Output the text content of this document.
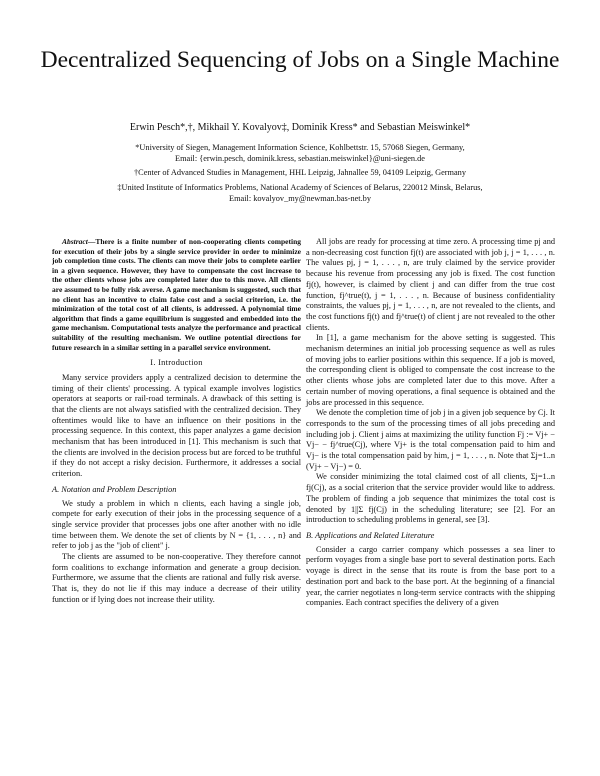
Decentralized Sequencing of Jobs on a Single Machine
Erwin Pesch*,†, Mikhail Y. Kovalyov‡, Dominik Kress* and Sebastian Meiswinkel*
*University of Siegen, Management Information Science, Kohlbettstr. 15, 57068 Siegen, Germany,
Email: {erwin.pesch, dominik.kress, sebastian.meiswinkel}@uni-siegen.de
†Center of Advanced Studies in Management, HHL Leipzig, Jahnallee 59, 04109 Leipzig, Germany
‡United Institute of Informatics Problems, National Academy of Sciences of Belarus, 220012 Minsk, Belarus,
Email: kovalyov_my@newman.bas-net.by

Abstract—There is a finite number of non-cooperating clients competing for execution of their jobs by a single service provider in order to minimize job completion time costs. The clients can move their jobs to complete earlier in a given sequence. However, they have to compensate the cost increase to the other clients whose jobs are completed later due to this move. All clients are assumed to be fully risk averse. A game mechanism is suggested, such that no client has an incentive to claim false cost and a social criterion, i.e. the minimization of the total cost of all clients, is addressed. A polynomial time algorithm that finds a game equilibrium is suggested and embedded into the game mechanism. Computational tests analyze the performance and practical suitability of the resulting mechanism. We outline potential directions for future research in a similar setting in a parallel service environment.

I. Introduction

Many service providers apply a centralized decision to determine the timing of their clients' processing. A typical example involves logistics operators at seaports or rail-road terminals. A drawback of this setting is that the clients are not always satisfied with the centralized decision. They oftentimes would like to have an influence on their positions in the processing sequence. In this context, this paper analyzes a game decision mechanism that has been introduced in [1]. This mechanism is such that the clients are involved in the decision process but are forced to be truthful if they do not accept a risky decision. Furthermore, it addresses a social criterion.

A. Notation and Problem Description

We study a problem in which n clients, each having a single job, compete for early execution of their jobs in the processing sequence of a single service provider that processes jobs one after another with no idle time between them. We denote the set of clients by N = {1, . . . , n} and refer to job j as the "job of client" j.

The clients are assumed to be non-cooperative. They therefore cannot form coalitions to exchange information and generate a group decision. Furthermore, we assume that the clients are rational and fully risk averse. That is, they do not lie if this may induce a decrease of their utility function or if lying does not increase their utility.

All jobs are ready for processing at time zero. A processing time pj and a non-decreasing cost function fj(t) are associated with job j, j = 1, . . . , n. The values pj, j = 1, . . . , n, are truly claimed by the service provider because his revenue from processing any job is fixed. The cost function fj(t), however, is claimed by client j and can differ from the true cost function, fj^true(t), j = 1, . . . , n. Because of business confidentiality constraints, the values pj, j = 1, . . . , n, are not revealed to the clients, and the cost functions fj(t) and fj^true(t) of client j are not revealed to the other clients.

In [1], a game mechanism for the above setting is suggested. This mechanism determines an initial job processing sequence as well as rules of moving jobs to earlier positions within this sequence. If a job is moved, the corresponding client is obliged to compensate the cost increase to the other clients whose jobs are completed later due to this move. After a certain number of moving operations, a final sequence is obtained and the jobs are processed in this sequence.

We denote the completion time of job j in a given job sequence by Cj. It corresponds to the sum of the processing times of all jobs preceding and including job j. Client j aims at maximizing the utility function Fj := Vj+ − Vj− − fj^true(Cj), where Vj+ is the total compensation paid to him and Vj− is the total compensation paid by him, j = 1, . . . , n. Note that Σj=1..n (Vj+ − Vj−) = 0.

We consider minimizing the total claimed cost of all clients, Σj=1..n fj(Cj), as a social criterion that the service provider would like to address. The problem of finding a job sequence that minimizes the total cost is denoted by 1||Σ fj(Cj) in the scheduling literature; see [2]. For an introduction to scheduling problems in general, see [3].

B. Applications and Related Literature

Consider a cargo carrier company which possesses a sea liner to perform voyages from a single base port to several destination ports. Each voyage is direct in the sense that its route is from the base port to a destination port and back to the base port. At the beginning of a financial year, the carrier negotiates n long-term service contracts with the shipping companies. Each contract specifies the delivery of a given
